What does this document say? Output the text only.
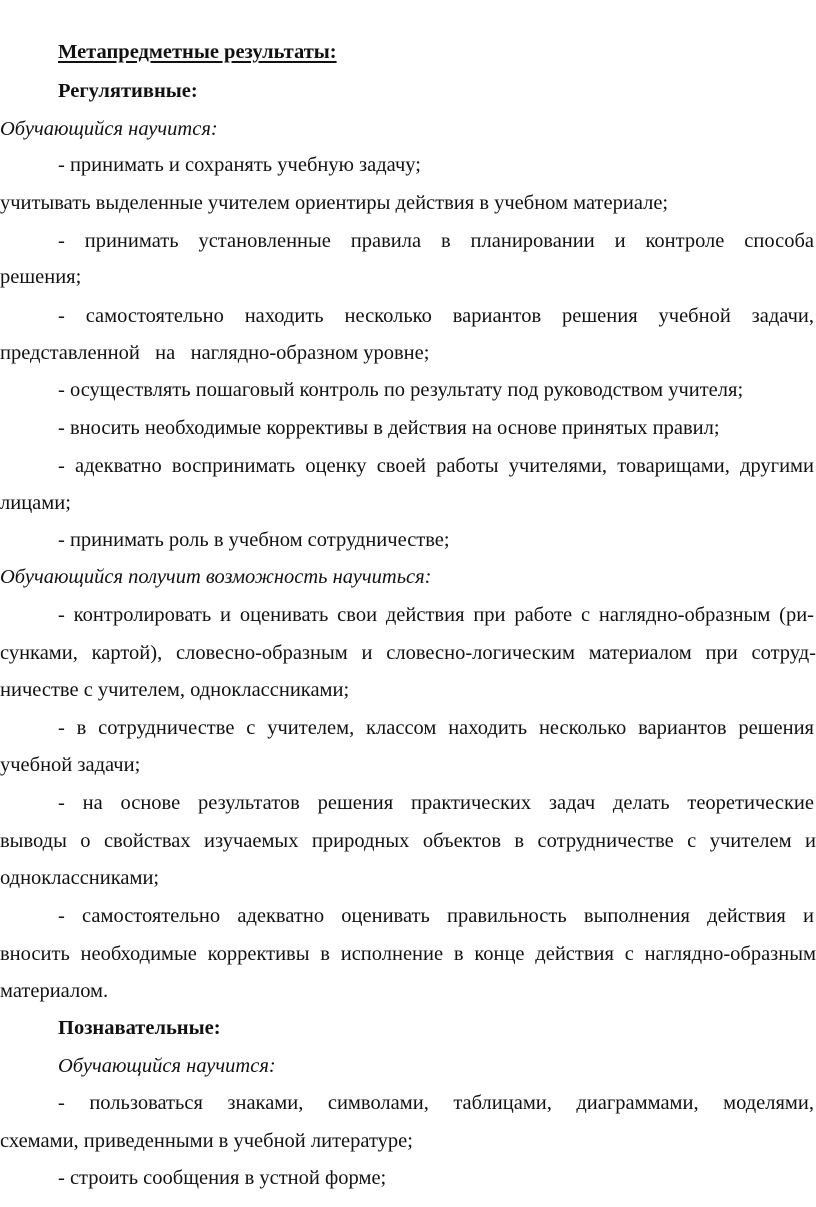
Метапредметные результаты:

Регулятивные:

Обучающийся научится:

- принимать и сохранять учебную задачу;

учитывать выделенные учителем ориентиры действия в учебном материале;

- принимать установленные правила в планировании и контроле способа

решения;

- самостоятельно находить несколько вариантов решения учебной задачи,

представленной   на   наглядно-образном уровне;

- осуществлять пошаговый контроль по результату под руководством учителя;

- вносить необходимые коррективы в действия на основе принятых правил;

- адекватно воспринимать оценку своей работы учителями, товарищами, другими

лицами;

- принимать роль в учебном сотрудничестве;

Обучающийся получит возможность научиться:

- контролировать и оценивать свои действия при работе с наглядно-образным (ри-

сунками, картой), словесно-образным и словесно-логическим материалом при сотруд-

ничестве с учителем, одноклассниками;

- в сотрудничестве с учителем, классом находить несколько вариантов решения

учебной задачи;

- на основе результатов решения практических задач делать теоретические

выводы о свойствах изучаемых природных объектов в сотрудничестве с учителем и

одноклассниками;

- самостоятельно адекватно оценивать правильность выполнения действия и

вносить необходимые коррективы в исполнение в конце действия с наглядно-образным

материалом.

Познавательные:

Обучающийся научится:

- пользоваться знаками, символами, таблицами, диаграммами, моделями,

схемами, приведенными в учебной литературе;

- строить сообщения в устной форме;
